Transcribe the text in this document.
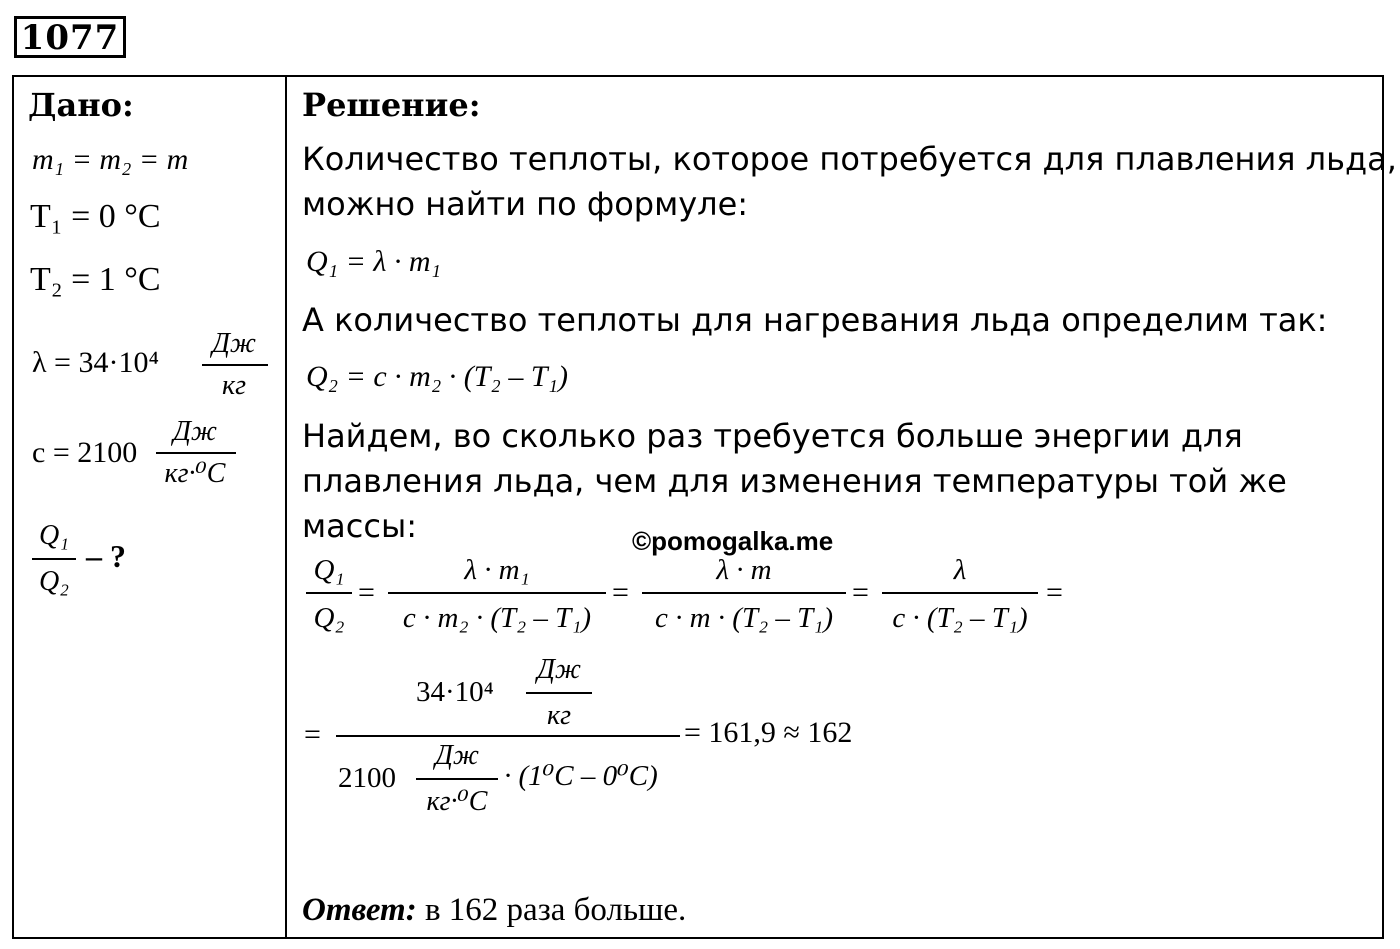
1077
Дано:
m₁ = m₂ = m
T₁ = 0 °C
T₂ = 1 °C
λ = 34·10⁴
Дж
кг
c = 2100
Дж
кг·⁰C
Q₁
Q₂
– ?
Решение:
Количество теплоты, которое потребуется для плавления льда,
можно найти по формуле:
Q₁ = λ · m₁
А количество теплоты для нагревания льда определим так:
Q₂ = c · m₂ · (T₂ – T₁)
Найдем, во сколько раз требуется больше энергии для
плавления льда, чем для изменения температуры той же
массы:	©pomogalka.me
Q₁
Q₂
=
λ · m₁
c · m₂ · (T₂ – T₁)
=
λ · m
c · m · (T₂ – T₁)
=
λ
c · (T₂ – T₁)
=
=
34·10⁴
Дж
кг
2100
Дж
кг·⁰C
· (1⁰C – 0⁰C)
= 161,9 ≈ 162
Ответ: в 162 раза больше.
